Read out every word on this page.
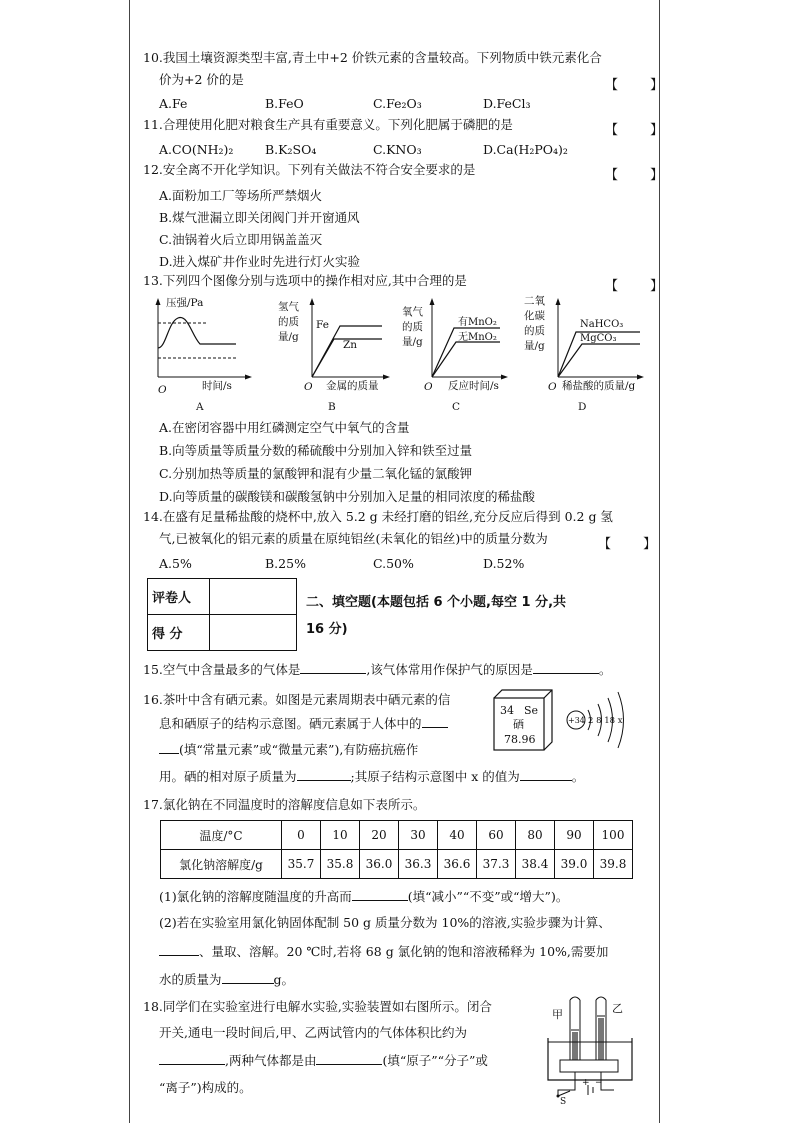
10.我国土壤资源类型丰富,青土中+2 价铁元素的含量较高。下列物质中铁元素化合
价为+2 价的是	【 】
A.Fe	B.FeO	C.Fe₂O₃	D.FeCl₃
11.合理使用化肥对粮食生产具有重要意义。下列化肥属于磷肥的是	【 】
A.CO(NH₂)₂	B.K₂SO₄	C.KNO₃	D.Ca(H₂PO₄)₂
12.安全离不开化学知识。下列有关做法不符合安全要求的是	【 】
A.面粉加工厂等场所严禁烟火
B.煤气泄漏立即关闭阀门并开窗通风
C.油锅着火后立即用锅盖盖灭
D.进入煤矿井作业时先进行灯火实验
13.下列四个图像分别与选项中的操作相对应,其中合理的是	【 】
压强/Pa
O	时间/s
A
氢气
的质
量/g
Fe
Zn
O 金属的质量
B
氧气
的质
量/g
有MnO₂
无MnO₂
O 反应时间/s
C
二氧
化碳
的质
量/g
NaHCO₃
MgCO₃
O 稀盐酸的质量/g
D
A.在密闭容器中用红磷测定空气中氧气的含量
B.向等质量等质量分数的稀硫酸中分别加入锌和铁至过量
C.分别加热等质量的氯酸钾和混有少量二氧化锰的氯酸钾
D.向等质量的碳酸镁和碳酸氢钠中分别加入足量的相同浓度的稀盐酸
14.在盛有足量稀盐酸的烧杯中,放入 5.2 g 未经打磨的铝丝,充分反应后得到 0.2 g 氢
气,已被氧化的铝元素的质量在原纯铝丝(未氧化的铝丝)中的质量分数为	【 】
A.5%	B.25%	C.50%	D.52%
评卷人	
得 分	
二、填空题(本题包括 6 个小题,每空 1 分,共
16 分)
15.空气中含量最多的气体是	,该气体常用作保护气的原因是	。
16.茶叶中含有硒元素。如图是元素周期表中硒元素的信
息和硒原子的结构示意图。硒元素属于人体中的
(填“常量元素”或“微量元素”),有防癌抗癌作
用。硒的相对原子质量为	;其原子结构示意图中 x 的值为	。
34 Se
硒
78.96
+34 2 8 18 x
17.氯化钠在不同温度时的溶解度信息如下表所示。
温度/°C	0	10	20	30	40	60	80	90	100
氯化钠溶解度/g	35.7	35.8	36.0	36.3	36.6	37.3	38.4	39.0	39.8
(1)氯化钠的溶解度随温度的升高而	(填“减小”“不变”或“增大”)。
(2)若在实验室用氯化钠固体配制 50 g 质量分数为 10%的溶液,实验步骤为计算、
、量取、溶解。20 ℃时,若将 68 g 氯化钠的饱和溶液稀释为 10%,需要加
水的质量为	g。
18.同学们在实验室进行电解水实验,实验装置如右图所示。闭合
开关,通电一段时间后,甲、乙两试管内的气体体积比约为
,两种气体都是由	(填“原子”“分子”或
“离子”)构成的。
甲	乙
+ −
S
